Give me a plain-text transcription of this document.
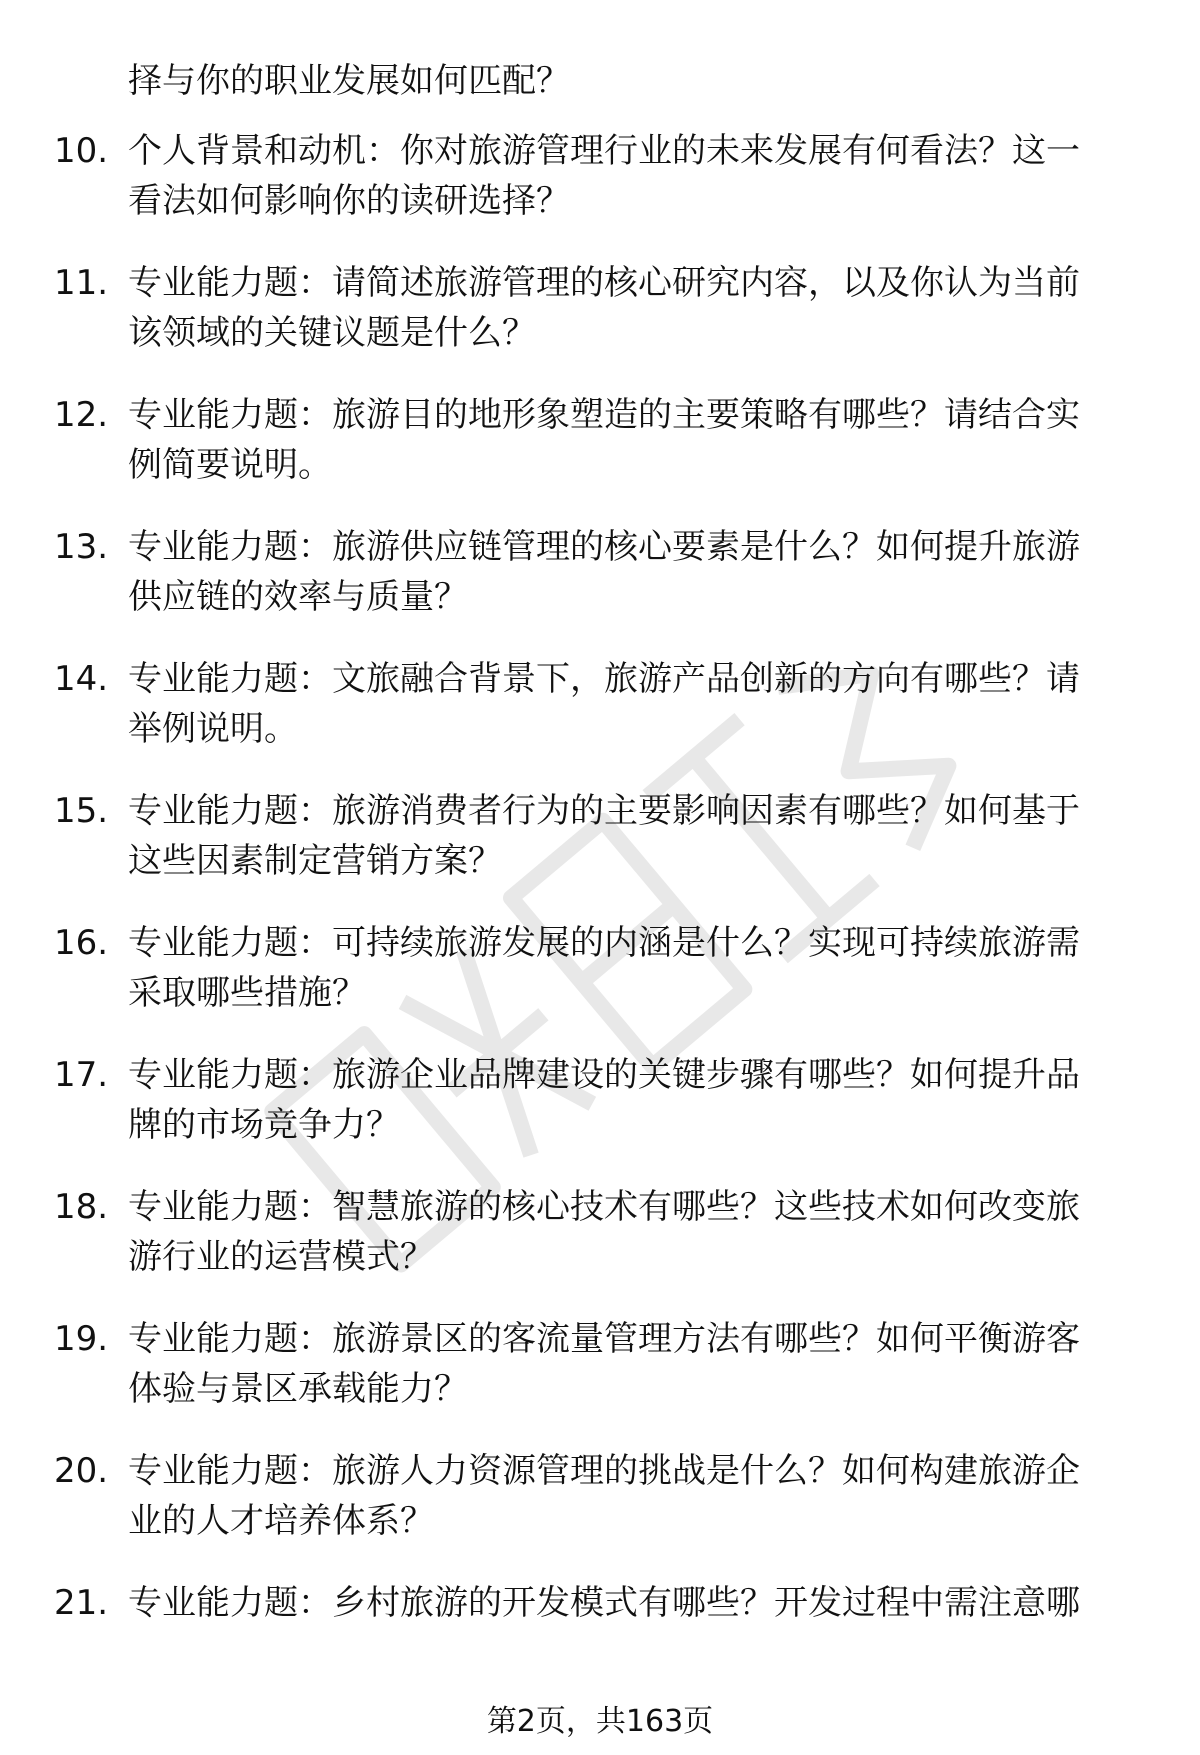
择与你的职业发展如何匹配？
10. 个人背景和动机：你对旅游管理行业的未来发展有何看法？这一
看法如何影响你的读研选择？
11. 专业能力题：请简述旅游管理的核心研究内容，以及你认为当前
该领域的关键议题是什么？
12. 专业能力题：旅游目的地形象塑造的主要策略有哪些？请结合实
例简要说明。
13. 专业能力题：旅游供应链管理的核心要素是什么？如何提升旅游
供应链的效率与质量？
14. 专业能力题：文旅融合背景下，旅游产品创新的方向有哪些？请
举例说明。
15. 专业能力题：旅游消费者行为的主要影响因素有哪些？如何基于
这些因素制定营销方案？
16. 专业能力题：可持续旅游发展的内涵是什么？实现可持续旅游需
采取哪些措施？
17. 专业能力题：旅游企业品牌建设的关键步骤有哪些？如何提升品
牌的市场竞争力？
18. 专业能力题：智慧旅游的核心技术有哪些？这些技术如何改变旅
游行业的运营模式？
19. 专业能力题：旅游景区的客流量管理方法有哪些？如何平衡游客
体验与景区承载能力？
20. 专业能力题：旅游人力资源管理的挑战是什么？如何构建旅游企
业的人才培养体系？
21. 专业能力题：乡村旅游的开发模式有哪些？开发过程中需注意哪
第2页，共163页
